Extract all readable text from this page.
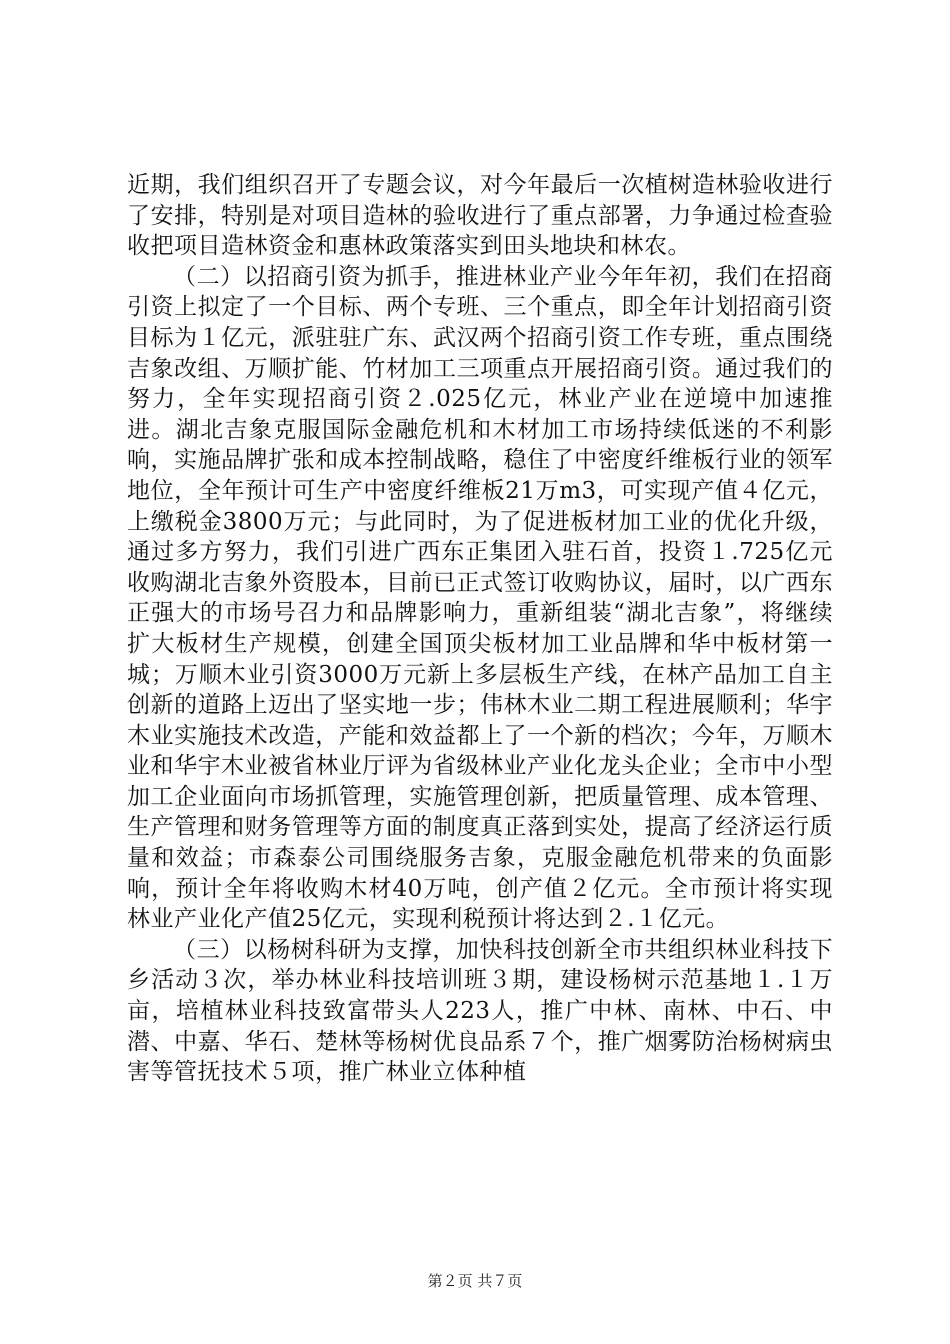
近期，我们组织召开了专题会议，对今年最后一次植树造林验收进行了安排，特别是对项目造林的验收进行了重点部署，力争通过检查验收把项目造林资金和惠林政策落实到田头地块和林农。

（二）以招商引资为抓手，推进林业产业今年年初，我们在招商引资上拟定了一个目标、两个专班、三个重点，即全年计划招商引资目标为１亿元，派驻驻广东、武汉两个招商引资工作专班，重点围绕吉象改组、万顺扩能、竹材加工三项重点开展招商引资。通过我们的努力，全年实现招商引资２.025亿元，林业产业在逆境中加速推进。湖北吉象克服国际金融危机和木材加工市场持续低迷的不利影响，实施品牌扩张和成本控制战略，稳住了中密度纤维板行业的领军地位，全年预计可生产中密度纤维板21万m3，可实现产值４亿元，上缴税金3800万元；与此同时，为了促进板材加工业的优化升级，通过多方努力，我们引进广西东正集团入驻石首，投资１.725亿元收购湖北吉象外资股本，目前已正式签订收购协议，届时，以广西东正强大的市场号召力和品牌影响力，重新组装“湖北吉象”，将继续扩大板材生产规模，创建全国顶尖板材加工业品牌和华中板材第一城；万顺木业引资3000万元新上多层板生产线，在林产品加工自主创新的道路上迈出了坚实地一步；伟林木业二期工程进展顺利；华宇木业实施技术改造，产能和效益都上了一个新的档次；今年，万顺木业和华宇木业被省林业厅评为省级林业产业化龙头企业；全市中小型加工企业面向市场抓管理，实施管理创新，把质量管理、成本管理、生产管理和财务管理等方面的制度真正落到实处，提高了经济运行质量和效益；市森泰公司围绕服务吉象，克服金融危机带来的负面影响，预计全年将收购木材40万吨，创产值２亿元。全市预计将实现林业产业化产值25亿元，实现利税预计将达到２.１亿元。

（三）以杨树科研为支撑，加快科技创新全市共组织林业科技下乡活动３次，举办林业科技培训班３期，建设杨树示范基地１.１万亩，培植林业科技致富带头人223人，推广中林、南林、中石、中潜、中嘉、华石、楚林等杨树优良品系７个，推广烟雾防治杨树病虫害等管抚技术５项，推广林业立体种植

第２页 共７页
